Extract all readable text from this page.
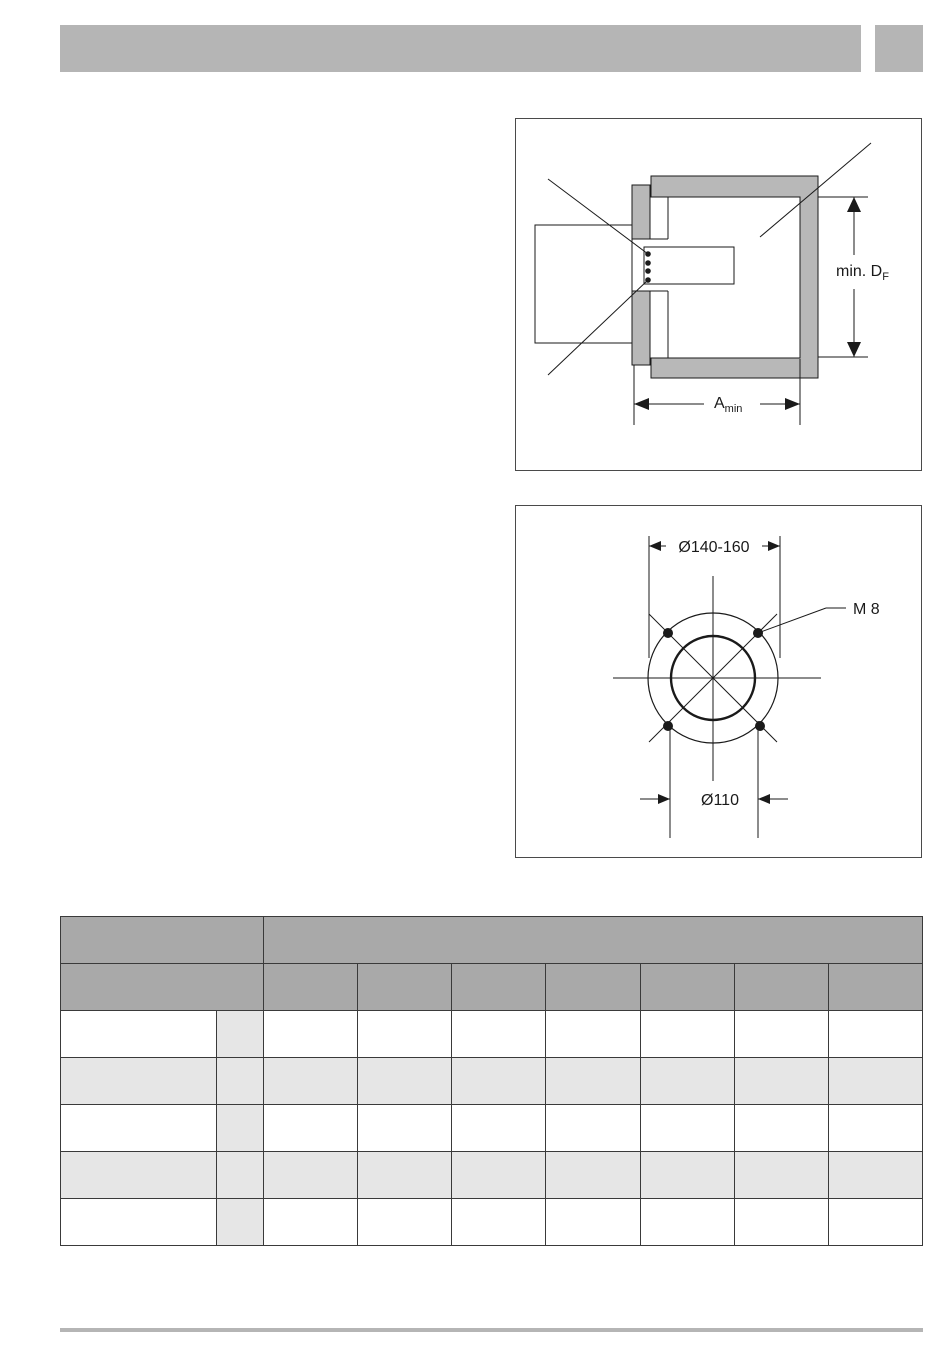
min. $D_F$
$A_{min}$
Ø140-160
M 8
Ø110
